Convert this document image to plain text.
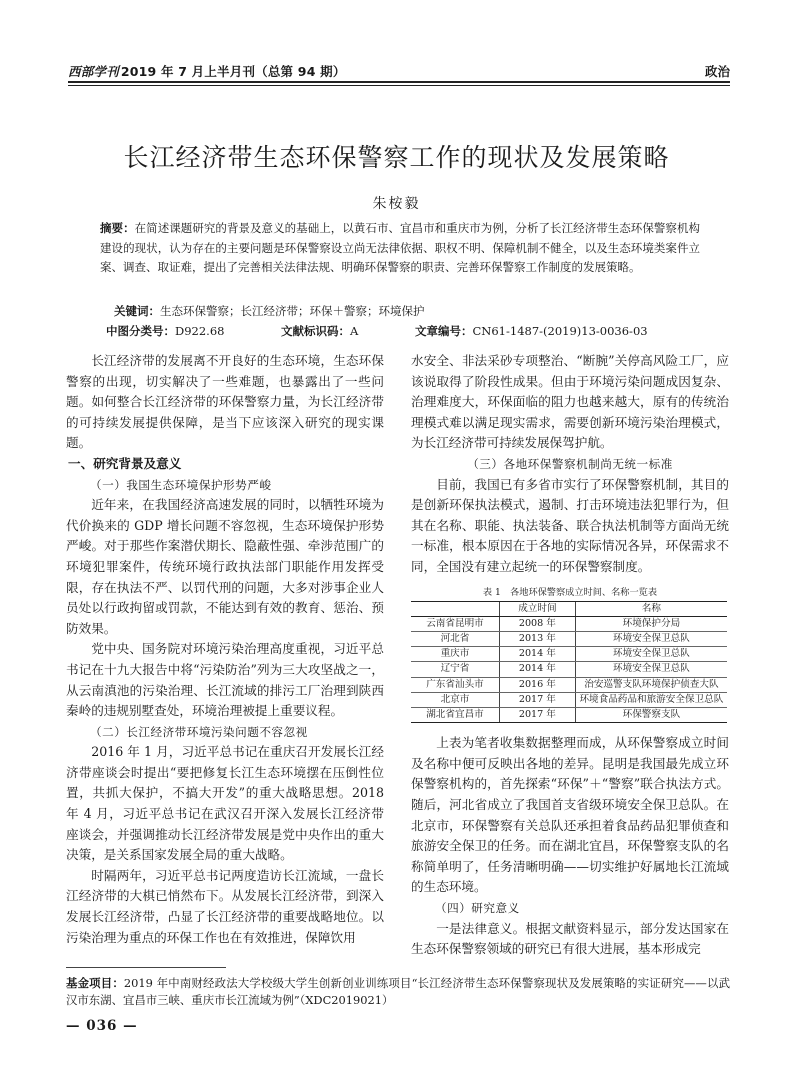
西部学刊 2019 年 7 月上半月刊（总第 94 期）	政治
长江经济带生态环保警察工作的现状及发展策略
朱桉毅
摘要：在简述课题研究的背景及意义的基础上，以黄石市、宜昌市和重庆市为例，分析了长江经济带生态环保警察机构建设的现状，认为存在的主要问题是环保警察设立尚无法律依据、职权不明、保障机制不健全，以及生态环境类案件立案、调查、取证难，提出了完善相关法律法规、明确环保警察的职责、完善环保警察工作制度的发展策略。
关键词：生态环保警察；长江经济带；环保＋警察；环境保护
中图分类号：D922.68	文献标识码：A	文章编号：CN61-1487-(2019)13-0036-03

长江经济带的发展离不开良好的生态环境，生态环保警察的出现，切实解决了一些难题，也暴露出了一些问题。如何整合长江经济带的环保警察力量，为长江经济带的可持续发展提供保障，是当下应该深入研究的现实课题。

一、研究背景及意义
（一）我国生态环境保护形势严峻

近年来，在我国经济高速发展的同时，以牺牲环境为代价换来的 GDP 增长问题不容忽视，生态环境保护形势严峻。对于那些作案潜伏期长、隐蔽性强、牵涉范围广的环境犯罪案件，传统环境行政执法部门职能作用发挥受限，存在执法不严、以罚代刑的问题，大多对涉事企业人员处以行政拘留或罚款，不能达到有效的教育、惩治、预防效果。

党中央、国务院对环境污染治理高度重视，习近平总书记在十九大报告中将“污染防治”列为三大攻坚战之一，从云南滇池的污染治理、长江流域的排污工厂治理到陕西秦岭的违规别墅查处，环境治理被提上重要议程。

（二）长江经济带环境污染问题不容忽视

2016 年 1 月，习近平总书记在重庆召开发展长江经济带座谈会时提出“要把修复长江生态环境摆在压倒性位置，共抓大保护，不搞大开发”的重大战略思想。2018 年 4 月，习近平总书记在武汉召开深入发展长江经济带座谈会，并强调推动长江经济带发展是党中央作出的重大决策，是关系国家发展全局的重大战略。

时隔两年，习近平总书记两度造访长江流域，一盘长江经济带的大棋已悄然布下。从发展长江经济带，到深入发展长江经济带，凸显了长江经济带的重要战略地位。以污染治理为重点的环保工作也在有效推进，保障饮用

水安全、非法采砂专项整治、“断腕”关停高风险工厂，应该说取得了阶段性成果。但由于环境污染问题成因复杂、治理难度大，环保面临的阻力也越来越大，原有的传统治理模式难以满足现实需求，需要创新环境污染治理模式，为长江经济带可持续发展保驾护航。

（三）各地环保警察机制尚无统一标准

目前，我国已有多省市实行了环保警察机制，其目的是创新环保执法模式，遏制、打击环境违法犯罪行为，但其在名称、职能、执法装备、联合执法机制等方面尚无统一标准，根本原因在于各地的实际情况各异，环保需求不同，全国没有建立起统一的环保警察制度。

表 1　各地环保警察成立时间、名称一览表
	成立时间	名称
云南省昆明市	2008 年	环境保护分局
河北省	2013 年	环境安全保卫总队
重庆市	2014 年	环境安全保卫总队
辽宁省	2014 年	环境安全保卫总队
广东省汕头市	2016 年	治安巡警支队环境保护侦查大队
北京市	2017 年	环境食品药品和旅游安全保卫总队
湖北省宜昌市	2017 年	环保警察支队

上表为笔者收集数据整理而成，从环保警察成立时间及名称中便可反映出各地的差异。昆明是我国最先成立环保警察机构的，首先探索“环保”＋“警察”联合执法方式。随后，河北省成立了我国首支省级环境安全保卫总队。在北京市，环保警察有关总队还承担着食品药品犯罪侦查和旅游安全保卫的任务。而在湖北宜昌，环保警察支队的名称简单明了，任务清晰明确——切实维护好属地长江流域的生态环境。

（四）研究意义

一是法律意义。根据文献资料显示，部分发达国家在生态环保警察领域的研究已有很大进展，基本形成完

基金项目：2019 年中南财经政法大学校级大学生创新创业训练项目“长江经济带生态环保警察现状及发展策略的实证研究——以武汉市东湖、宜昌市三峡、重庆市长江流域为例”（XDC2019021）
— 036 —
